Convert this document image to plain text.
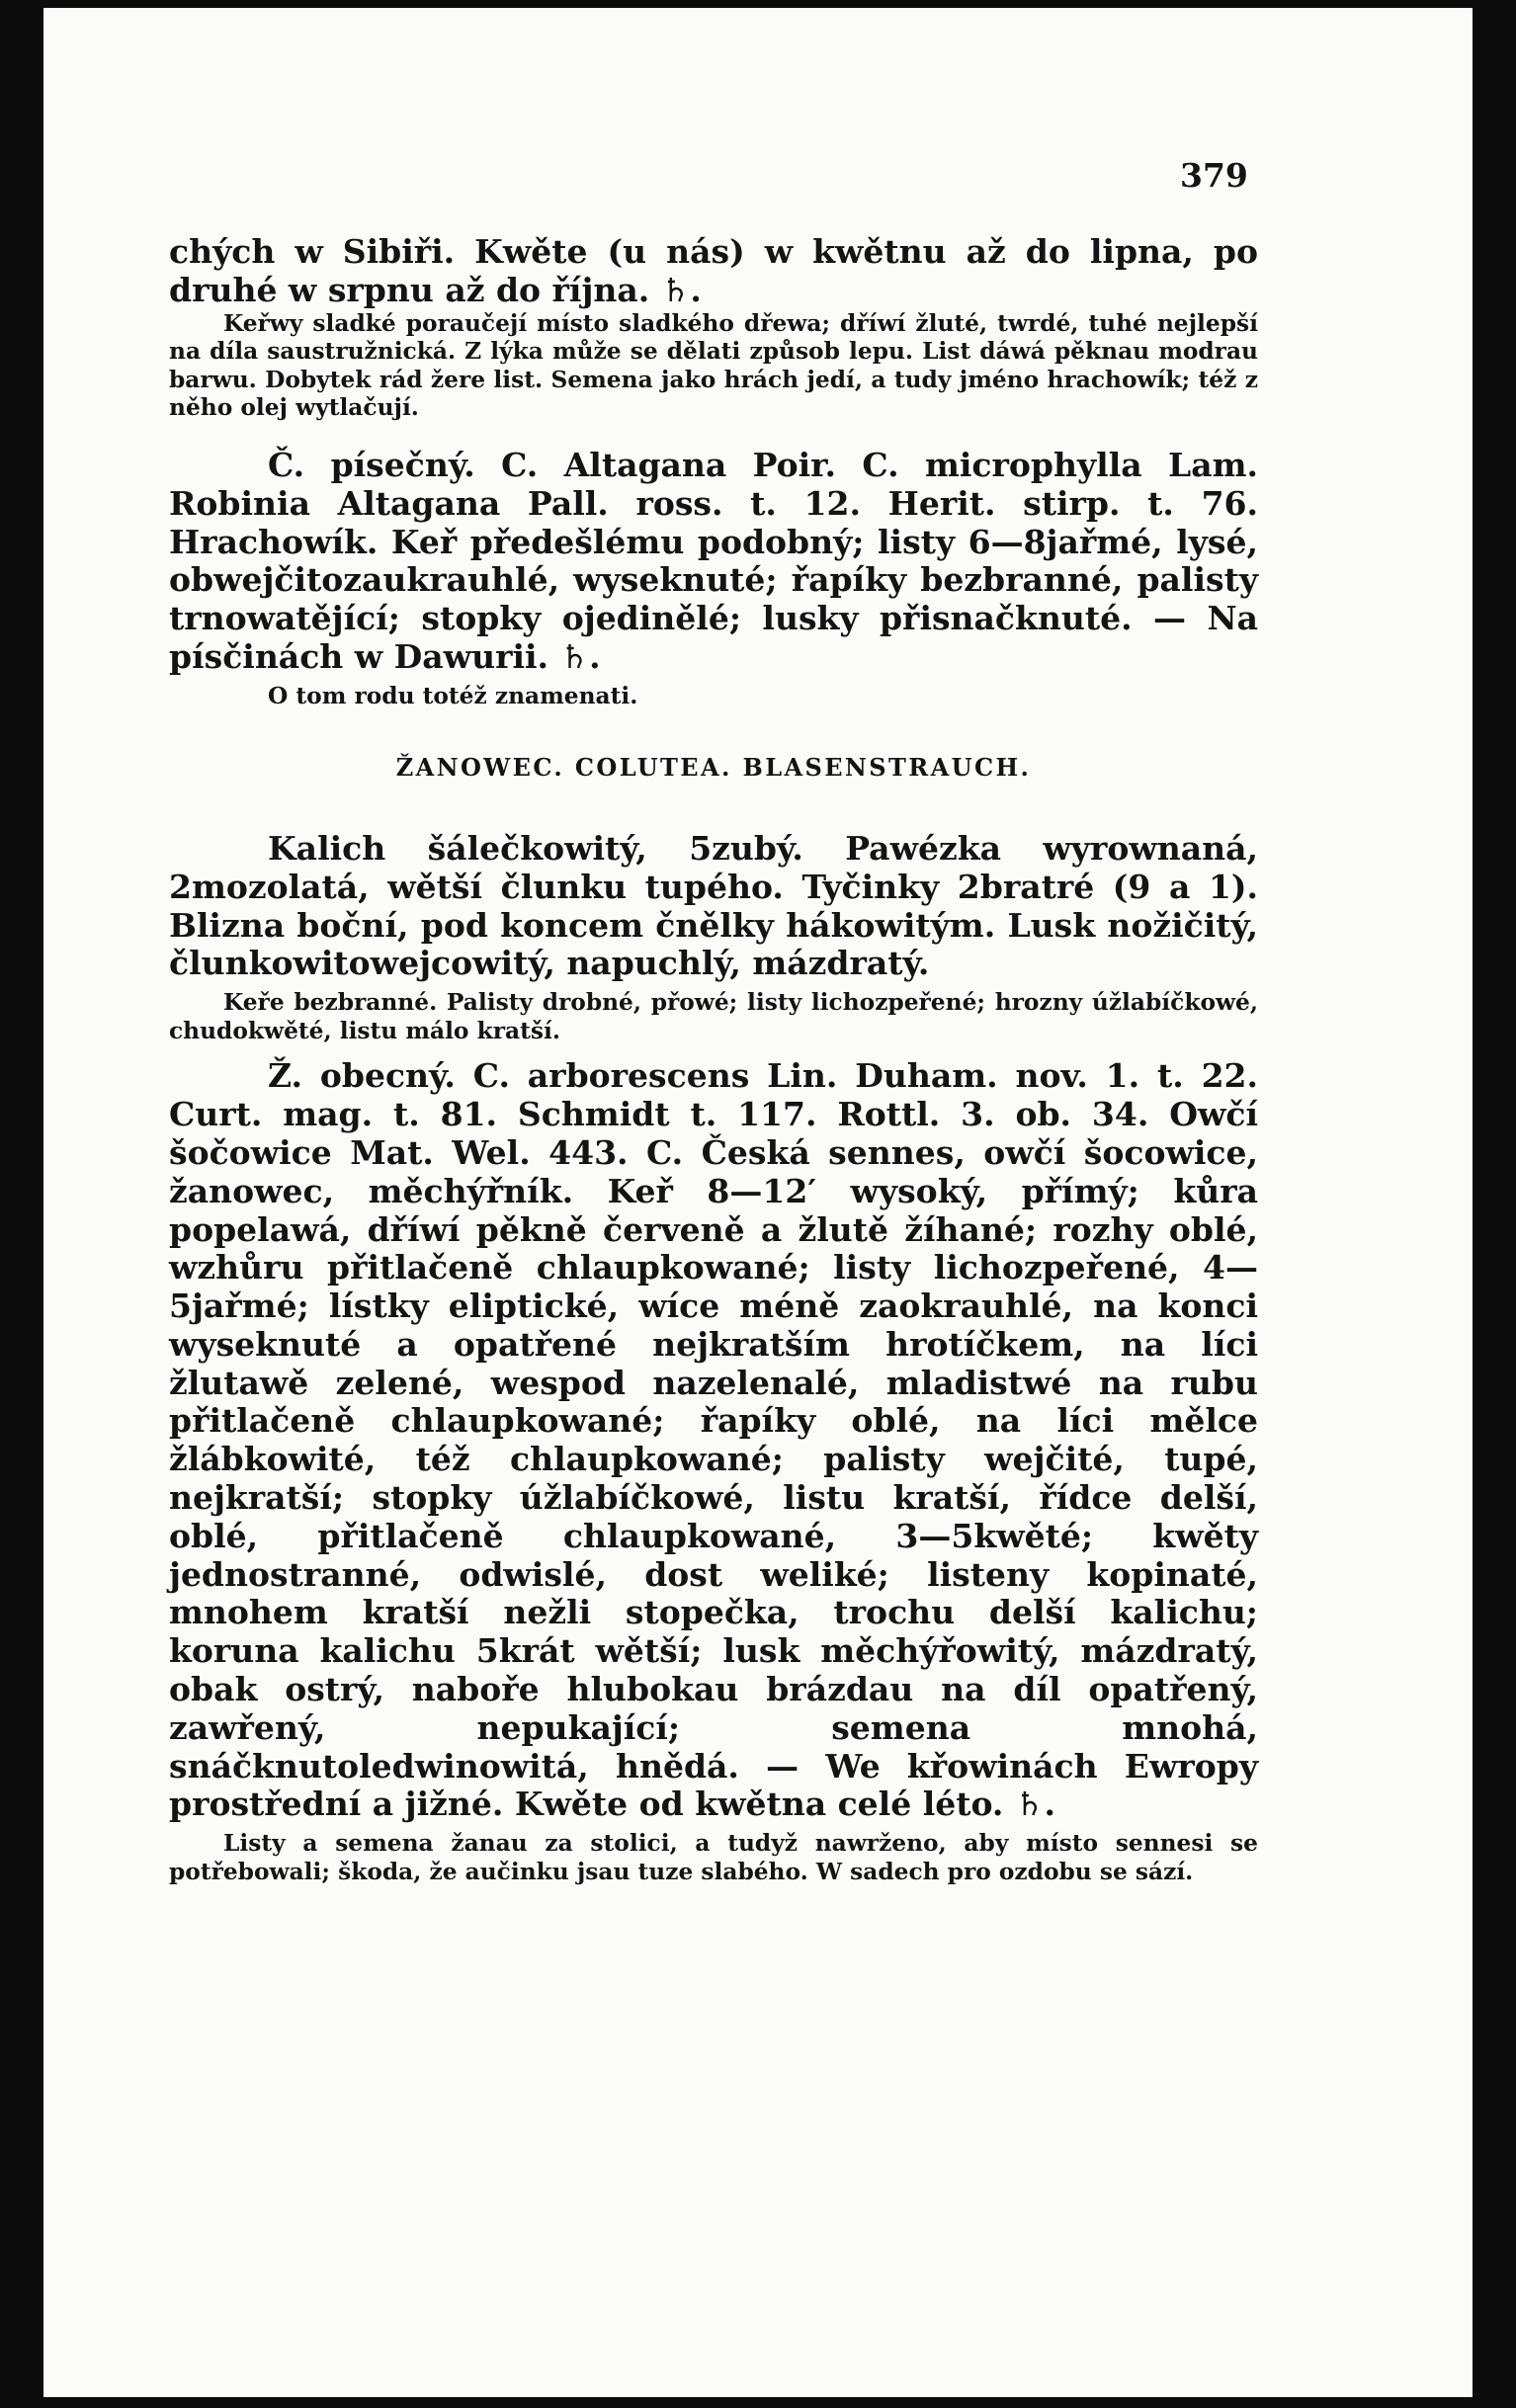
379

chých w Sibiři. Kwěte (u nás) w kwětnu až do lipna, po druhé w srpnu až do října. ♄.

Keřwy sladké poraučejí místo sladkého dřewa; dříwí žluté, twrdé, tuhé nejlepší na díla saustružnická. Z lýka může se dělati způsob lepu. List dáwá pěknau modrau barwu. Dobytek rád žere list. Semena jako hrách jedí, a tudy jméno hrachowík; též z něho olej wytlačují.

Č. písečný. C. Altagana Poir. C. microphylla Lam. Robinia Altagana Pall. ross. t. 12. Herit. stirp. t. 76. Hrachowík. Keř předešlému podobný; listy 6—8jařmé, lysé, obwejčitozaukrauhlé, wyseknuté; řapíky bezbranné, palisty trnowatějící; stopky ojedinělé; lusky přisnačknuté. — Na písčinách w Dawurii. ♄.

O tom rodu totéž znamenati.

ŽANOWEC. COLUTEA. BLASENSTRAUCH.

Kalich šálečkowitý, 5zubý. Pawézka wyrownaná, 2mozolatá, wětší člunku tupého. Tyčinky 2bratré (9 a 1). Blizna boční, pod koncem čnělky hákowitým. Lusk nožičitý, člunkowitowejcowitý, napuchlý, mázdratý.

Keře bezbranné. Palisty drobné, přowé; listy lichozpeřené; hrozny úžlabíčkowé, chudokwěté, listu málo kratší.

Ž. obecný. C. arborescens Lin. Duham. nov. 1. t. 22. Curt. mag. t. 81. Schmidt t. 117. Rottl. 3. ob. 34. Owčí šočowice Mat. Wel. 443. C. Česká sennes, owčí šocowice, žanowec, měchýřník. Keř 8—12′ wysoký, přímý; kůra popelawá, dříwí pěkně červeně a žlutě žíhané; rozhy oblé, wzhůru přitlačeně chlaupkowané; listy lichozpeřené, 4—5jařmé; lístky eliptické, wíce méně zaokrauhlé, na konci wyseknuté a opatřené nejkratším hrotíčkem, na líci žlutawě zelené, wespod nazelenalé, mladistwé na rubu přitlačeně chlaupkowané; řapíky oblé, na líci mělce žlábkowité, též chlaupkowané; palisty wejčité, tupé, nejkratší; stopky úžlabíčkowé, listu kratší, řídce delší, oblé, přitlačeně chlaupkowané, 3—5kwěté; kwěty jednostranné, odwislé, dost weliké; listeny kopinaté, mnohem kratší nežli stopečka, trochu delší kalichu; koruna kalichu 5krát wětší; lusk měchýřowitý, mázdratý, obak ostrý, naboře hlubokau brázdau na díl opatřený, zawřený, nepukající; semena mnohá, snáčknutoledwinowitá, hnědá. — We křowinách Ewropy prostřední a jižné. Kwěte od kwětna celé léto. ♄.

Listy a semena žanau za stolici, a tudyž nawrženo, aby místo sennesi se potřebowali; škoda, že aučinku jsau tuze slabého. W sadech pro ozdobu se sází.
